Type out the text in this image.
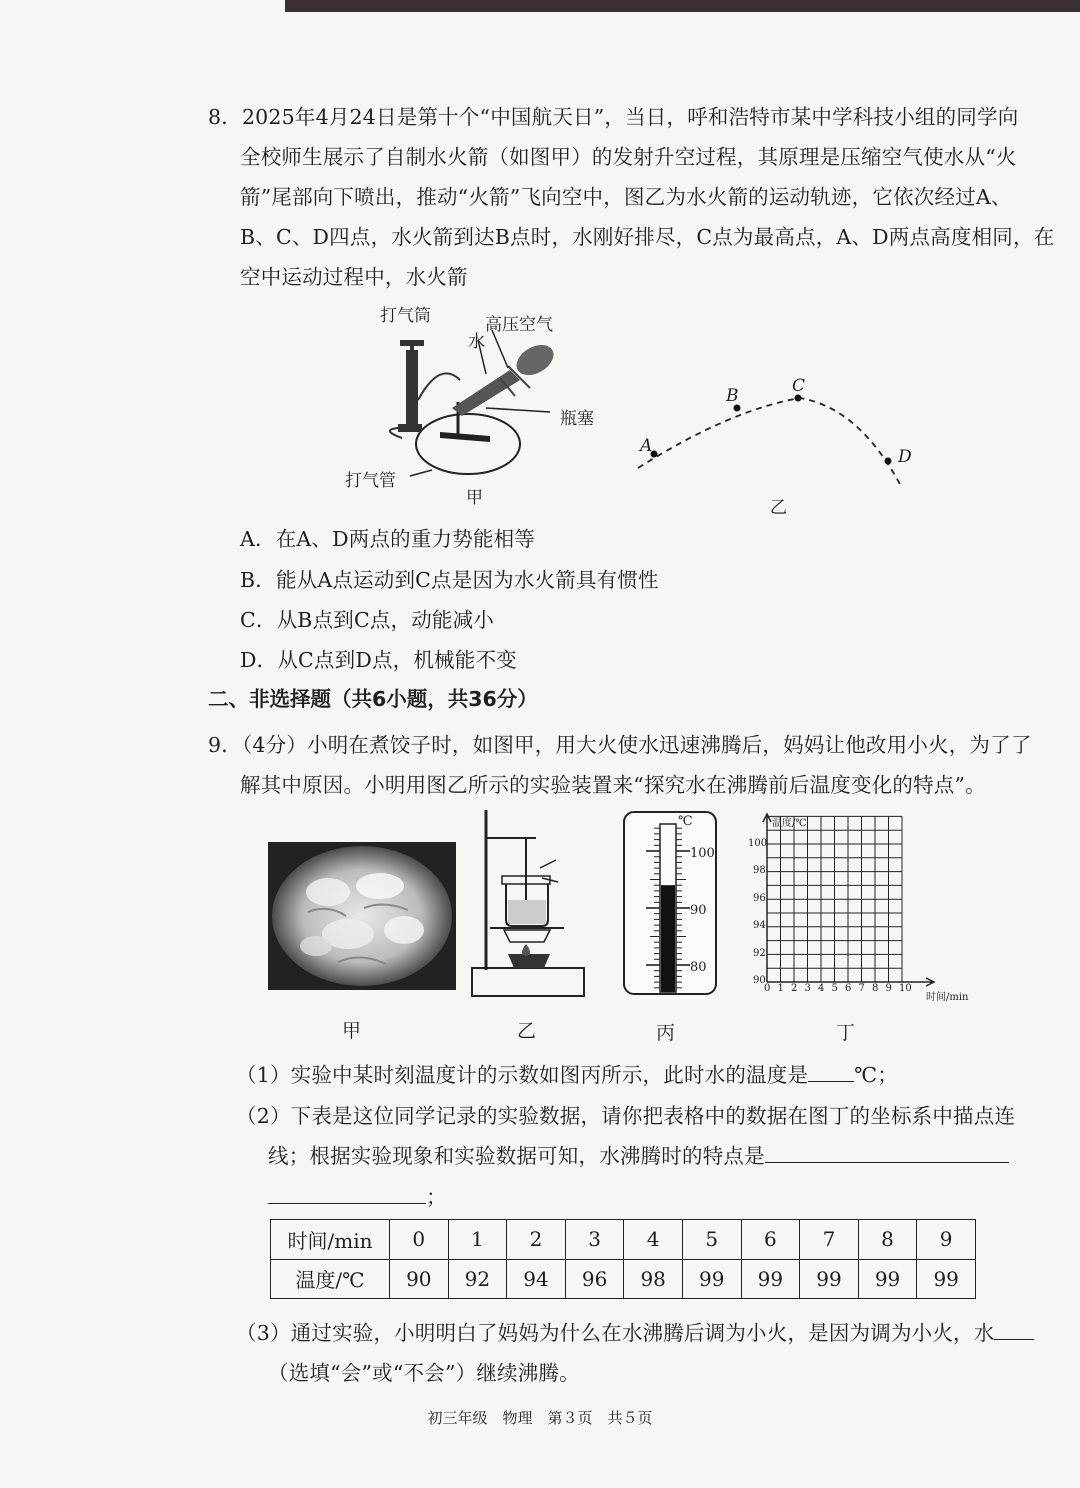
8．2025年4月24日是第十个“中国航天日”，当日，呼和浩特市某中学科技小组的同学向
全校师生展示了自制水火箭（如图甲）的发射升空过程，其原理是压缩空气使水从“火
箭”尾部向下喷出，推动“火箭”飞向空中，图乙为水火箭的运动轨迹，它依次经过A、
B、C、D四点，水火箭到达B点时，水刚好排尽，C点为最高点，A、D两点高度相同，在
空中运动过程中，水火箭
打气筒	高压空气
水
瓶塞
打气管
甲
A
B	C
D
乙
A．在A、D两点的重力势能相等
B．能从A点运动到C点是因为水火箭具有惯性
C．从B点到C点，动能减小
D．从C点到D点，机械能不变
二、非选择题（共6小题，共36分）
9．（4分）小明在煮饺子时，如图甲，用大火使水迅速沸腾后，妈妈让他改用小火，为了了
解其中原因。小明用图乙所示的实验装置来“探究水在沸腾前后温度变化的特点”。
甲	乙
℃
100
90
80
丙
温度/℃
时间/min
100
98
96
94
92
90
0 1 2 3 4 5 6 7 8 9 10
丁
（1）实验中某时刻温度计的示数如图丙所示，此时水的温度是 ℃；
（2）下表是这位同学记录的实验数据，请你把表格中的数据在图丁的坐标系中描点连
线；根据实验现象和实验数据可知，水沸腾时的特点是
；
时间/min	0	1	2	3	4	5	6	7	8	9
温度/℃	90	92	94	96	98	99	99	99	99	99
（3）通过实验，小明明白了妈妈为什么在水沸腾后调为小火，是因为调为小火，水
（选填“会”或“不会”）继续沸腾。
初三年级　物理　第３页　共５页
